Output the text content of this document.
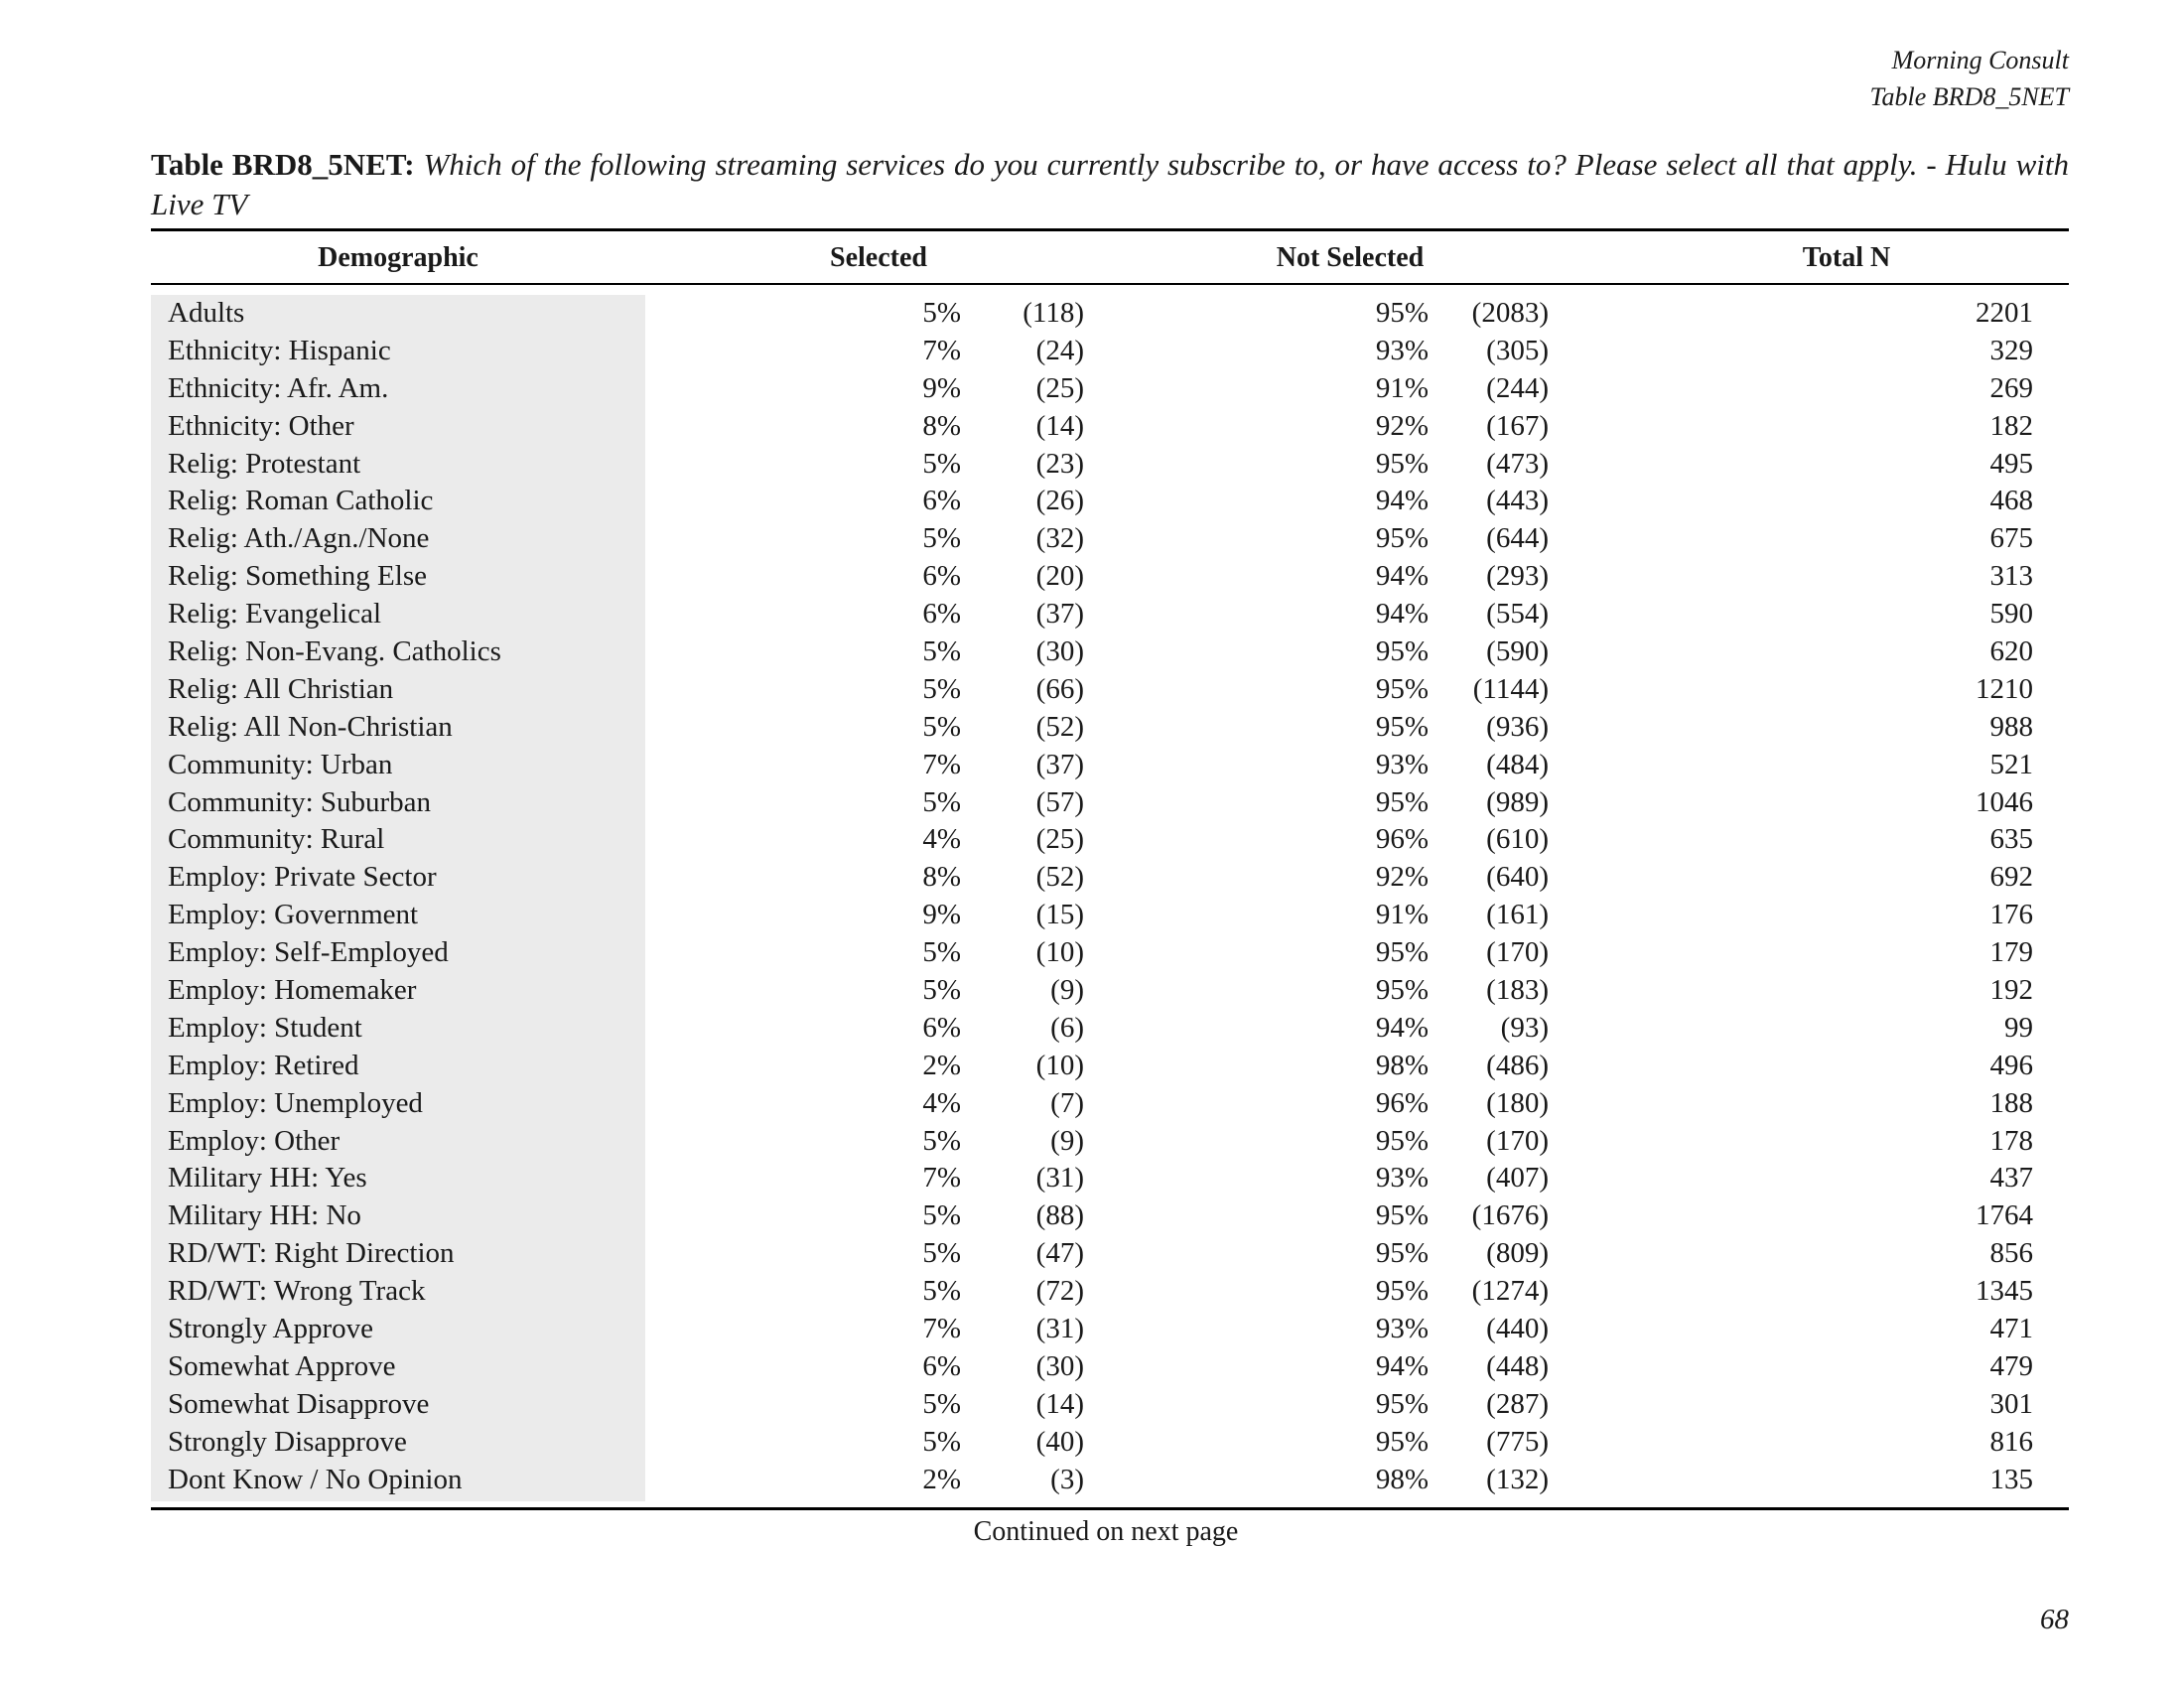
Morning Consult
Table BRD8_5NET
Table BRD8_5NET: Which of the following streaming services do you currently subscribe to, or have access to? Please select all that apply. - Hulu with Live TV
Demographic	Selected	Not Selected	Total N
Adults	5% (118)	95% (2083)	2201
Ethnicity: Hispanic	7%	(24)	93% (305)	329
Ethnicity: Afr. Am.	9%	(25)	91% (244)	269
Ethnicity: Other	8%	(14)	92% (167)	182
Relig: Protestant	5%	(23)	95% (473)	495
Relig: Roman Catholic	6%	(26)	94% (443)	468
Relig: Ath./Agn./None	5%	(32)	95% (644)	675
Relig: Something Else	6%	(20)	94% (293)	313
Relig: Evangelical	6%	(37)	94% (554)	590
Relig: Non-Evang. Catholics	5%	(30)	95% (590)	620
Relig: All Christian	5%	(66)	95% (1144)	1210
Relig: All Non-Christian	5%	(52)	95% (936)	988
Community: Urban	7%	(37)	93% (484)	521
Community: Suburban	5%	(57)	95% (989)	1046
Community: Rural	4%	(25)	96% (610)	635
Employ: Private Sector	8%	(52)	92% (640)	692
Employ: Government	9%	(15)	91% (161)	176
Employ: Self-Employed	5%	(10)	95% (170)	179
Employ: Homemaker	5%	(9)	95% (183)	192
Employ: Student	6%	(6)	94%	(93)	99
Employ: Retired	2%	(10)	98% (486)	496
Employ: Unemployed	4%	(7)	96% (180)	188
Employ: Other	5%	(9)	95% (170)	178
Military HH: Yes	7%	(31)	93% (407)	437
Military HH: No	5%	(88)	95% (1676)	1764
RD/WT: Right Direction	5%	(47)	95% (809)	856
RD/WT: Wrong Track	5%	(72)	95% (1274)	1345
Strongly Approve	7%	(31)	93% (440)	471
Somewhat Approve	6%	(30)	94% (448)	479
Somewhat Disapprove	5%	(14)	95% (287)	301
Strongly Disapprove	5%	(40)	95% (775)	816
Dont Know / No Opinion	2%	(3)	98% (132)	135
Continued on next page
68
